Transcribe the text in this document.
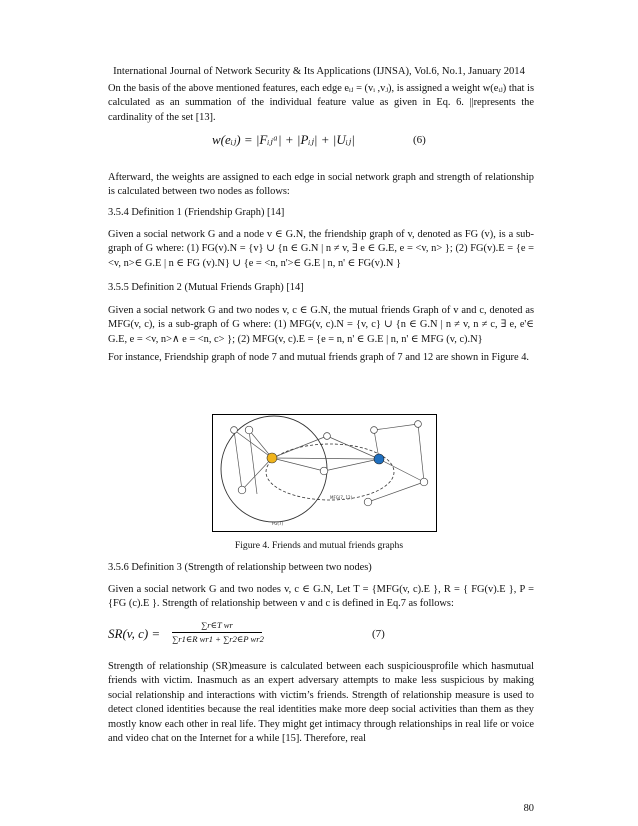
International Journal of Network Security & Its Applications (IJNSA), Vol.6, No.1, January 2014
On the basis of the above mentioned features, each edge eᵢⱼ = (vᵢ ,vⱼ), is assigned a weight w(eᵢⱼ) that is calculated as an summation of the individual feature value as given in Eq. 6. ||represents the cardinality of the set [13].
w(eᵢⱼ) = |Fᵢⱼᵃ| + |Pᵢⱼ| + |Uᵢⱼ|	(6)
Afterward, the weights are assigned to each edge in social network graph and strength of relationship is calculated between two nodes as follows:
3.5.4 Definition 1 (Friendship Graph) [14]
Given a social network G and a node v ∈ G.N, the friendship graph of v, denoted as FG (v), is a sub-graph of G where: (1) FG(v).N = {v} ∪ {n ∈ G.N | n ≠ v, ∃ e ∈ G.E, e = <v, n> }; (2) FG(v).E = {e = <v, n>∈ G.E | n ∈ FG (v).N} ∪ {e = <n, n'>∈ G.E | n, n' ∈ FG(v).N }
3.5.5 Definition 2 (Mutual Friends Graph) [14]
Given a social network G and two nodes v, c ∈ G.N, the mutual friends Graph of v and c, denoted as MFG(v, c), is a sub-graph of G where: (1) MFG(v, c).N = {v, c} ∪ {n ∈ G.N | n ≠ v, n ≠ c, ∃ e, e'∈ G.E, e = <v, n>∧ e = <n, c> }; (2) MFG(v, c).E = {e = n, n' ∈ G.E | n, n' ∈ MFG (v, c).N}
For instance, Friendship graph of node 7 and mutual friends graph of 7 and 12 are shown in Figure 4.
MFG(7, 12)
FG(7)
Figure 4. Friends and mutual friends graphs
3.5.6 Definition 3 (Strength of relationship between two nodes)
Given a social network G and two nodes v, c ∈ G.N, Let T = {MFG(v, c).E }, R = { FG(v).E }, P = {FG (c).E }. Strength of relationship between v and c is defined in Eq.7 as follows:
SR(v, c) =
∑r∈T wr
∑r1∈R wr1 + ∑r2∈P wr2	(7)
Strength of relationship (SR)measure is calculated between each suspiciousprofile which hasmutual friends with victim. Inasmuch as an expert adversary attempts to make less suspicious by making social relationship and interactions with victim’s friends. Strength of relationship measure is used to detect cloned identities because the real identities make more deep social activities than them as they mostly know each other in real life. They might get intimacy through relationships in real life or voice and video chat on the Internet for a while [15]. Therefore, real
80
